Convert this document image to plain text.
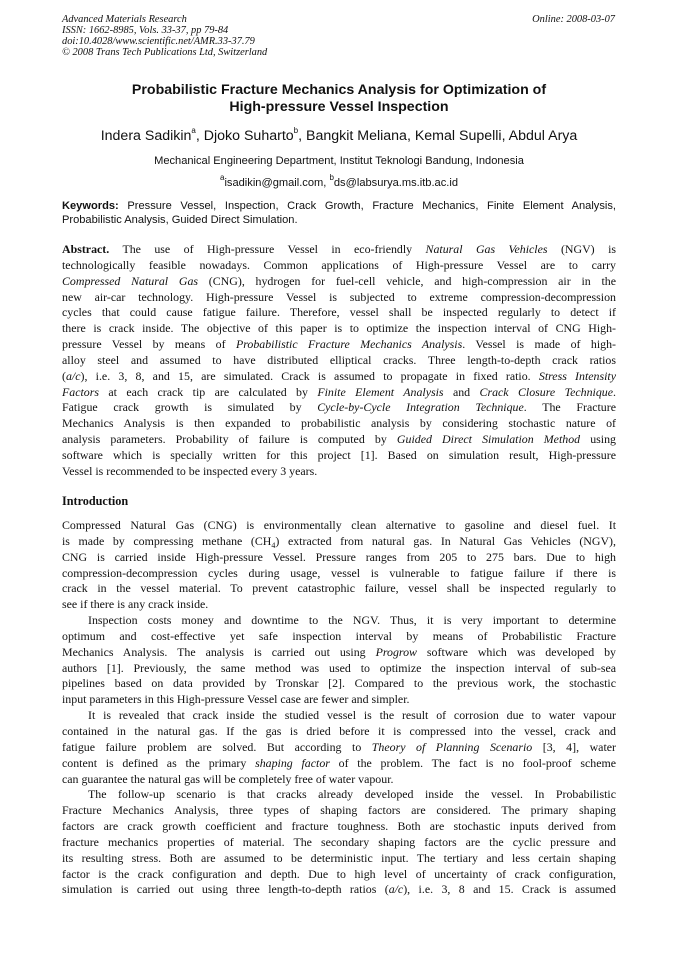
Advanced Materials Research
ISSN: 1662-8985, Vols. 33-37, pp 79-84
doi:10.4028/www.scientific.net/AMR.33-37.79
© 2008 Trans Tech Publications Ltd, Switzerland
Online: 2008-03-07
Probabilistic Fracture Mechanics Analysis for Optimization of
High-pressure Vessel Inspection
Indera Sadikin$^a$, Djoko Suharto$^b$, Bangkit Meliana, Kemal Supelli, Abdul Arya
Mechanical Engineering Department, Institut Teknologi Bandung, Indonesia
$^a$isadikin@gmail.com, $^b$ds@labsurya.ms.itb.ac.id
Keywords: Pressure Vessel, Inspection, Crack Growth, Fracture Mechanics, Finite Element Analysis, Probabilistic Analysis, Guided Direct Simulation.
Abstract. The use of High-pressure Vessel in eco-friendly Natural Gas Vehicles (NGV) is
technologically feasible nowadays. Common applications of High-pressure Vessel are to carry
Compressed Natural Gas (CNG), hydrogen for fuel-cell vehicle, and high-compression air in the
new air-car technology. High-pressure Vessel is subjected to extreme compression-decompression
cycles that could cause fatigue failure. Therefore, vessel shall be inspected regularly to detect if
there is crack inside. The objective of this paper is to optimize the inspection interval of CNG High-
pressure Vessel by means of Probabilistic Fracture Mechanics Analysis. Vessel is made of high-
alloy steel and assumed to have distributed elliptical cracks. Three length-to-depth crack ratios
(a/c), i.e. 3, 8, and 15, are simulated. Crack is assumed to propagate in fixed ratio. Stress Intensity
Factors at each crack tip are calculated by Finite Element Analysis and Crack Closure Technique.
Fatigue crack growth is simulated by Cycle-by-Cycle Integration Technique. The Fracture
Mechanics Analysis is then expanded to probabilistic analysis by considering stochastic nature of
analysis parameters. Probability of failure is computed by Guided Direct Simulation Method using
software which is specially written for this project [1]. Based on simulation result, High-pressure
Vessel is recommended to be inspected every 3 years.
Introduction
Compressed Natural Gas (CNG) is environmentally clean alternative to gasoline and diesel fuel. It
is made by compressing methane $(CH_4)$ extracted from natural gas. In Natural Gas Vehicles (NGV),
CNG is carried inside High-pressure Vessel. Pressure ranges from 205 to 275 bars. Due to high
compression-decompression cycles during usage, vessel is vulnerable to fatigue failure if there is
crack in the vessel material. To prevent catastrophic failure, vessel shall be inspected regularly to
see if there is any crack inside.
Inspection costs money and downtime to the NGV. Thus, it is very important to determine
optimum and cost-effective yet safe inspection interval by means of Probabilistic Fracture
Mechanics Analysis. The analysis is carried out using Progrow software which was developed by
authors [1]. Previously, the same method was used to optimize the inspection interval of sub-sea
pipelines based on data provided by Tronskar [2]. Compared to the previous work, the stochastic
input parameters in this High-pressure Vessel case are fewer and simpler.
It is revealed that crack inside the studied vessel is the result of corrosion due to water vapour
contained in the natural gas. If the gas is dried before it is compressed into the vessel, crack and
fatigue failure problem are solved. But according to Theory of Planning Scenario [3, 4], water
content is defined as the primary shaping factor of the problem. The fact is no fool-proof scheme
can guarantee the natural gas will be completely free of water vapour.
The follow-up scenario is that cracks already developed inside the vessel. In Probabilistic
Fracture Mechanics Analysis, three types of shaping factors are considered. The primary shaping
factors are crack growth coefficient and fracture toughness. Both are stochastic inputs derived from
fracture mechanics properties of material. The secondary shaping factors are the cyclic pressure and
its resulting stress. Both are assumed to be deterministic input. The tertiary and less certain shaping
factor is the crack configuration and depth. Due to high level of uncertainty of crack configuration,
simulation is carried out using three length-to-depth ratios (a/c), i.e. 3, 8 and 15. Crack is assumed
